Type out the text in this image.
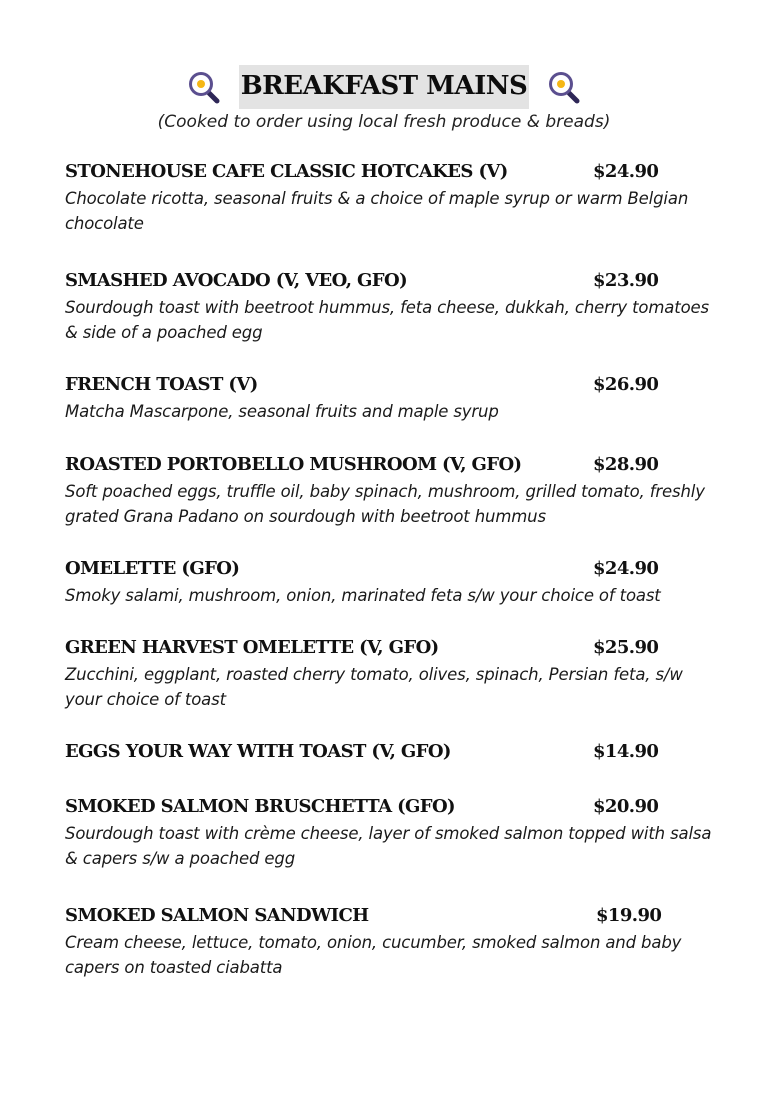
BREAKFAST MAINS
(Cooked to order using local fresh produce & breads)
STONEHOUSE CAFE CLASSIC HOTCAKES (V)	$24.90
Chocolate ricotta, seasonal fruits & a choice of maple syrup or warm Belgian chocolate
SMASHED AVOCADO (V, VEO, GFO)	$23.90
Sourdough toast with beetroot hummus, feta cheese, dukkah, cherry tomatoes & side of a poached egg
FRENCH TOAST (V)	$26.90
Matcha Mascarpone, seasonal fruits and maple syrup
ROASTED PORTOBELLO MUSHROOM (V, GFO)	$28.90
Soft poached eggs, truffle oil, baby spinach, mushroom, grilled tomato, freshly grated Grana Padano on sourdough with beetroot hummus
OMELETTE (GFO)	$24.90
Smoky salami, mushroom, onion, marinated feta s/w your choice of toast
GREEN HARVEST OMELETTE (V, GFO)	$25.90
Zucchini, eggplant, roasted cherry tomato, olives, spinach, Persian feta, s/w your choice of toast
EGGS YOUR WAY WITH TOAST (V, GFO)	$14.90
SMOKED SALMON BRUSCHETTA (GFO)	$20.90
Sourdough toast with crème cheese, layer of smoked salmon topped with salsa & capers s/w a poached egg
SMOKED SALMON SANDWICH	$19.90
Cream cheese, lettuce, tomato, onion, cucumber, smoked salmon and baby capers on toasted ciabatta
